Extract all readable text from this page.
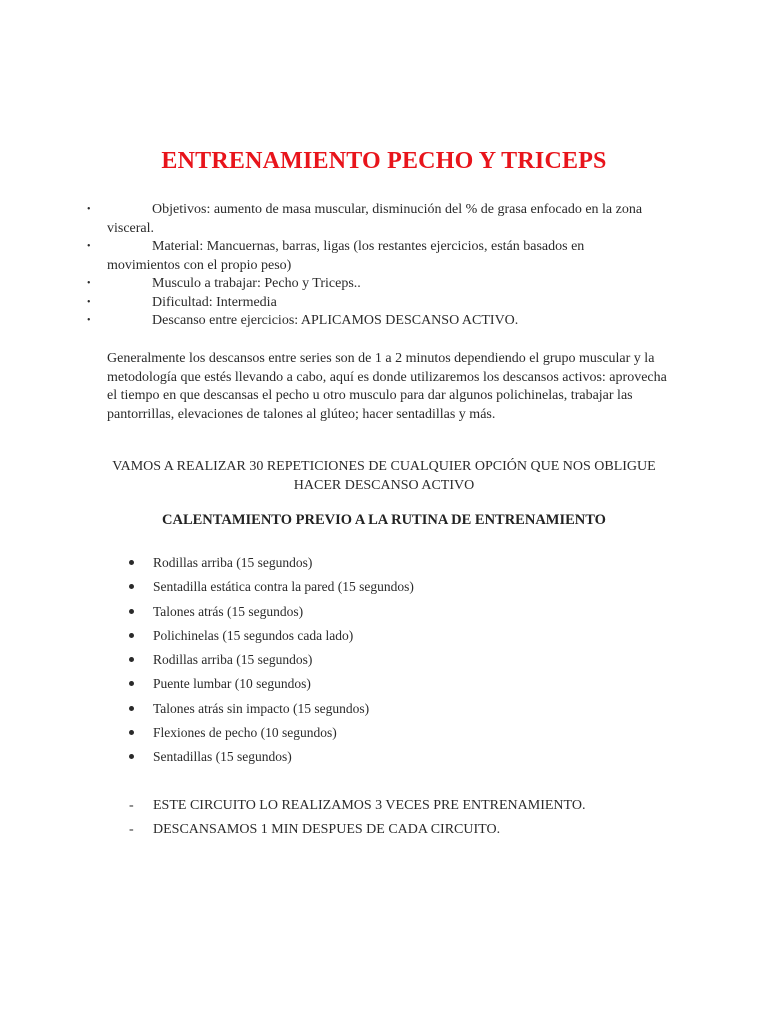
ENTRENAMIENTO PECHO Y TRICEPS
•	Objetivos: aumento de masa muscular, disminución del % de grasa enfocado en la zona visceral.
•	Material: Mancuernas, barras, ligas (los restantes ejercicios, están basados en movimientos con el propio peso)
•	Musculo a trabajar: Pecho y Triceps..
•	Dificultad: Intermedia
•	Descanso entre ejercicios: APLICAMOS DESCANSO ACTIVO.

Generalmente los descansos entre series son de 1 a 2 minutos dependiendo el grupo muscular y la metodología que estés llevando a cabo, aquí es donde utilizaremos los descansos activos: aprovecha el tiempo en que descansas el pecho u otro musculo para dar algunos polichinelas, trabajar las pantorrillas, elevaciones de talones al glúteo; hacer sentadillas y más.

VAMOS A REALIZAR 30 REPETICIONES DE CUALQUIER OPCIÓN QUE NOS OBLIGUE HACER DESCANSO ACTIVO

CALENTAMIENTO PREVIO A LA RUTINA DE ENTRENAMIENTO
Rodillas arriba (15 segundos)
Sentadilla estática contra la pared (15 segundos)
Talones atrás (15 segundos)
Polichinelas (15 segundos cada lado)
Rodillas arriba (15 segundos)
Puente lumbar (10 segundos)
Talones atrás sin impacto (15 segundos)
Flexiones de pecho (10 segundos)
Sentadillas (15 segundos)
- ESTE CIRCUITO LO REALIZAMOS 3 VECES PRE ENTRENAMIENTO.
- DESCANSAMOS 1 MIN DESPUES DE CADA CIRCUITO.
